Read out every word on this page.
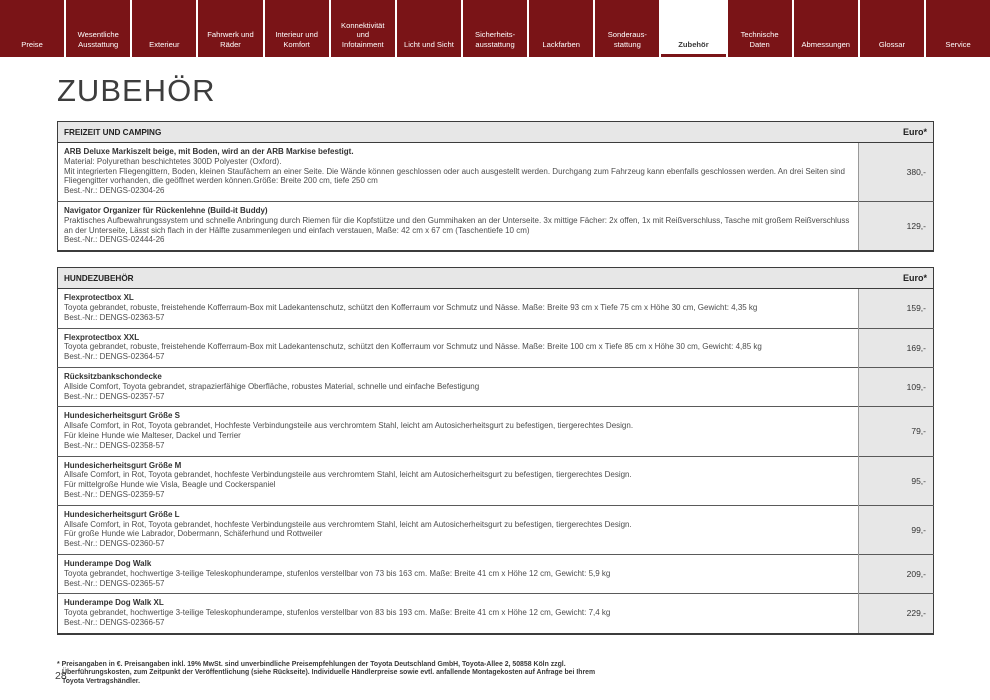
Preise
Wesentliche Ausstattung	Exterieur
Fahrwerk und Räder
Interieur und Komfort
Konnektivität und Infotainment	Licht und Sicht
Sicherheits-ausstattung	Lackfarben
Sonderaus-stattung	Zubehör
Technische Daten	Abmessungen	Glossar	Service
ZUBEHÖR
FREIZEIT UND CAMPING	Euro*

ARB Deluxe Markiszelt beige, mit Boden, wird an der ARB Markise befestigt.
Material: Polyurethan beschichtetes 300D Polyester (Oxford).
Mit integrierten Fliegengittern, Boden, kleinen Staufächern an einer Seite. Die Wände können geschlossen oder auch ausgestellt werden. Durchgang zum Fahrzeug kann ebenfalls geschlossen werden. An drei Seiten sind Fliegengitter vorhanden, die geöffnet werden können.Größe: Breite 200 cm, tiefe 250 cm
Best.-Nr.: DENGS-02304-26	380,-

Navigator Organizer für Rückenlehne (Build-it Buddy)
Praktisches Aufbewahrungssystem und schnelle Anbringung durch Riemen für die Kopfstütze und den Gummihaken an der Unterseite. 3x mittige Fächer: 2x offen, 1x mit Reißverschluss, Tasche mit großem Reißverschluss an der Unterseite, Lässt sich flach in der Hälfte zusammenlegen und einfach verstauen, Maße: 42 cm x 67 cm (Taschentiefe 10 cm)
Best.-Nr.: DENGS-02444-26	129,-
HUNDEZUBEHÖR	Euro*

Flexprotectbox XL
Toyota gebrandet, robuste, freistehende Kofferraum-Box mit Ladekantenschutz, schützt den Kofferraum vor Schmutz und Nässe. Maße: Breite 93 cm x Tiefe 75 cm x Höhe 30 cm, Gewicht: 4,35 kg
Best.-Nr.: DENGS-02363-57	159,-

Flexprotectbox XXL
Toyota gebrandet, robuste, freistehende Kofferraum-Box mit Ladekantenschutz, schützt den Kofferraum vor Schmutz und Nässe. Maße: Breite 100 cm x Tiefe 85 cm x Höhe 30 cm, Gewicht: 4,85 kg
Best.-Nr.: DENGS-02364-57	169,-

Rücksitzbankschondecke
Allside Comfort, Toyota gebrandet, strapazierfähige Oberfläche, robustes Material, schnelle und einfache Befestigung
Best.-Nr.: DENGS-02357-57	109,-

Hundesicherheitsgurt Größe S
Allsafe Comfort, in Rot, Toyota gebrandet, Hochfeste Verbindungsteile aus verchromtem Stahl, leicht am Autosicherheitsgurt zu befestigen, tiergerechtes Design.
Für kleine Hunde wie Malteser, Dackel und Terrier
Best.-Nr.: DENGS-02358-57	79,-

Hundesicherheitsgurt Größe M
Allsafe Comfort, in Rot, Toyota gebrandet, hochfeste Verbindungsteile aus verchromtem Stahl, leicht am Autosicherheitsgurt zu befestigen, tiergerechtes Design.
Für mittelgroße Hunde wie Visla, Beagle und Cockerspaniel
Best.-Nr.: DENGS-02359-57	95,-

Hundesicherheitsgurt Größe L
Allsafe Comfort, in Rot, Toyota gebrandet, hochfeste Verbindungsteile aus verchromtem Stahl, leicht am Autosicherheitsgurt zu befestigen, tiergerechtes Design.
Für große Hunde wie Labrador, Dobermann, Schäferhund und Rottweiler
Best.-Nr.: DENGS-02360-57	99,-

Hunderampe Dog Walk
Toyota gebrandet, hochwertige 3-teilige Teleskophunderampe, stufenlos verstellbar von 73 bis 163 cm. Maße: Breite 41 cm x Höhe 12 cm, Gewicht: 5,9 kg
Best.-Nr.: DENGS-02365-57	209,-

Hunderampe Dog Walk XL
Toyota gebrandet, hochwertige 3-teilige Teleskophunderampe, stufenlos verstellbar von 83 bis 193 cm. Maße: Breite 41 cm x Höhe 12 cm, Gewicht: 7,4 kg
Best.-Nr.: DENGS-02366-57	229,-

* Preisangaben in €. Preisangaben inkl. 19% MwSt. sind unverbindliche Preisempfehlungen der Toyota Deutschland GmbH, Toyota-Allee 2, 50858 Köln zzgl. Überführungskosten, zum Zeitpunkt der Veröffentlichung (siehe Rückseite). Individuelle Händlerpreise sowie evtl. anfallende Montagekosten auf Anfrage bei Ihrem Toyota Vertragshändler.

28
